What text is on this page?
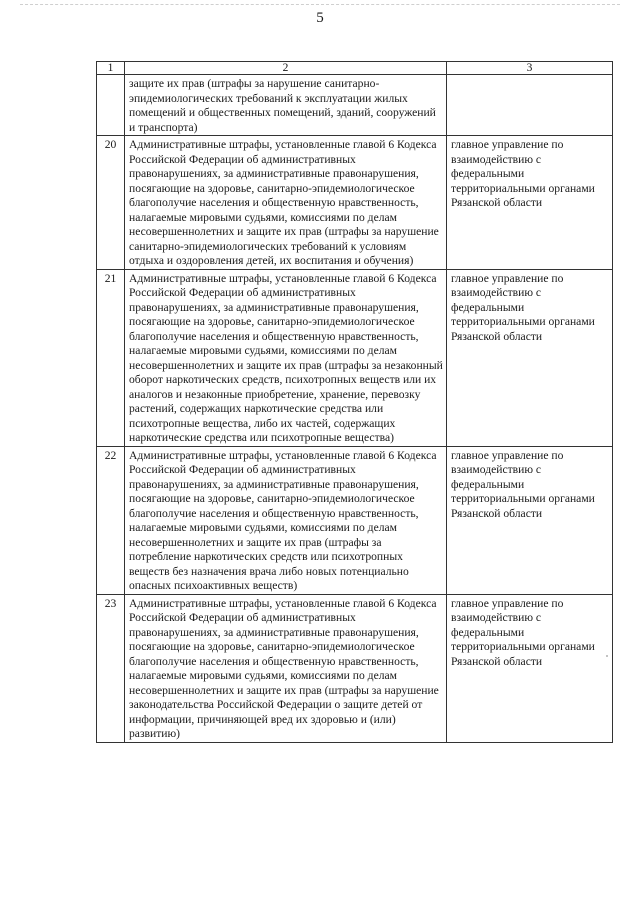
5
1	2	3
	защите их прав (штрафы за нарушение санитарно-эпидемиологических требований к эксплуатации жилых помещений и общественных помещений, зданий, сооружений и транспорта)	
20	Административные штрафы, установленные главой 6 Кодекса Российской Федерации об административных правонарушениях, за административные правонарушения, посягающие на здоровье, санитарно-эпидемиологическое благополучие населения и общественную нравственность, налагаемые мировыми судьями, комиссиями по делам несовершеннолетних и защите их прав (штрафы за нарушение санитарно-эпидемиологических требований к условиям отдыха и оздоровления детей, их воспитания и обучения)	главное управление по взаимодействию с федеральными территориальными органами Рязанской области
21	Административные штрафы, установленные главой 6 Кодекса Российской Федерации об административных правонарушениях, за административные правонарушения, посягающие на здоровье, санитарно-эпидемиологическое благополучие населения и общественную нравственность, налагаемые мировыми судьями, комиссиями по делам несовершеннолетних и защите их прав (штрафы за незаконный оборот наркотических средств, психотропных веществ или их аналогов и незаконные приобретение, хранение, перевозку растений, содержащих наркотические средства или психотропные вещества, либо их частей, содержащих наркотические средства или психотропные вещества)	главное управление по взаимодействию с федеральными территориальными органами Рязанской области
22	Административные штрафы, установленные главой 6 Кодекса Российской Федерации об административных правонарушениях, за административные правонарушения, посягающие на здоровье, санитарно-эпидемиологическое благополучие населения и общественную нравственность, налагаемые мировыми судьями, комиссиями по делам несовершеннолетних и защите их прав (штрафы за потребление наркотических средств или психотропных веществ без назначения врача либо новых потенциально опасных психоактивных веществ)	главное управление по взаимодействию с федеральными территориальными органами Рязанской области
23	Административные штрафы, установленные главой 6 Кодекса Российской Федерации об административных правонарушениях, за административные правонарушения, посягающие на здоровье, санитарно-эпидемиологическое благополучие населения и общественную нравственность, налагаемые мировыми судьями, комиссиями по делам несовершеннолетних и защите их прав (штрафы за нарушение законодательства Российской Федерации о защите детей от информации, причиняющей вред их здоровью и (или) развитию)	главное управление по взаимодействию с федеральными территориальными органами Рязанской области
